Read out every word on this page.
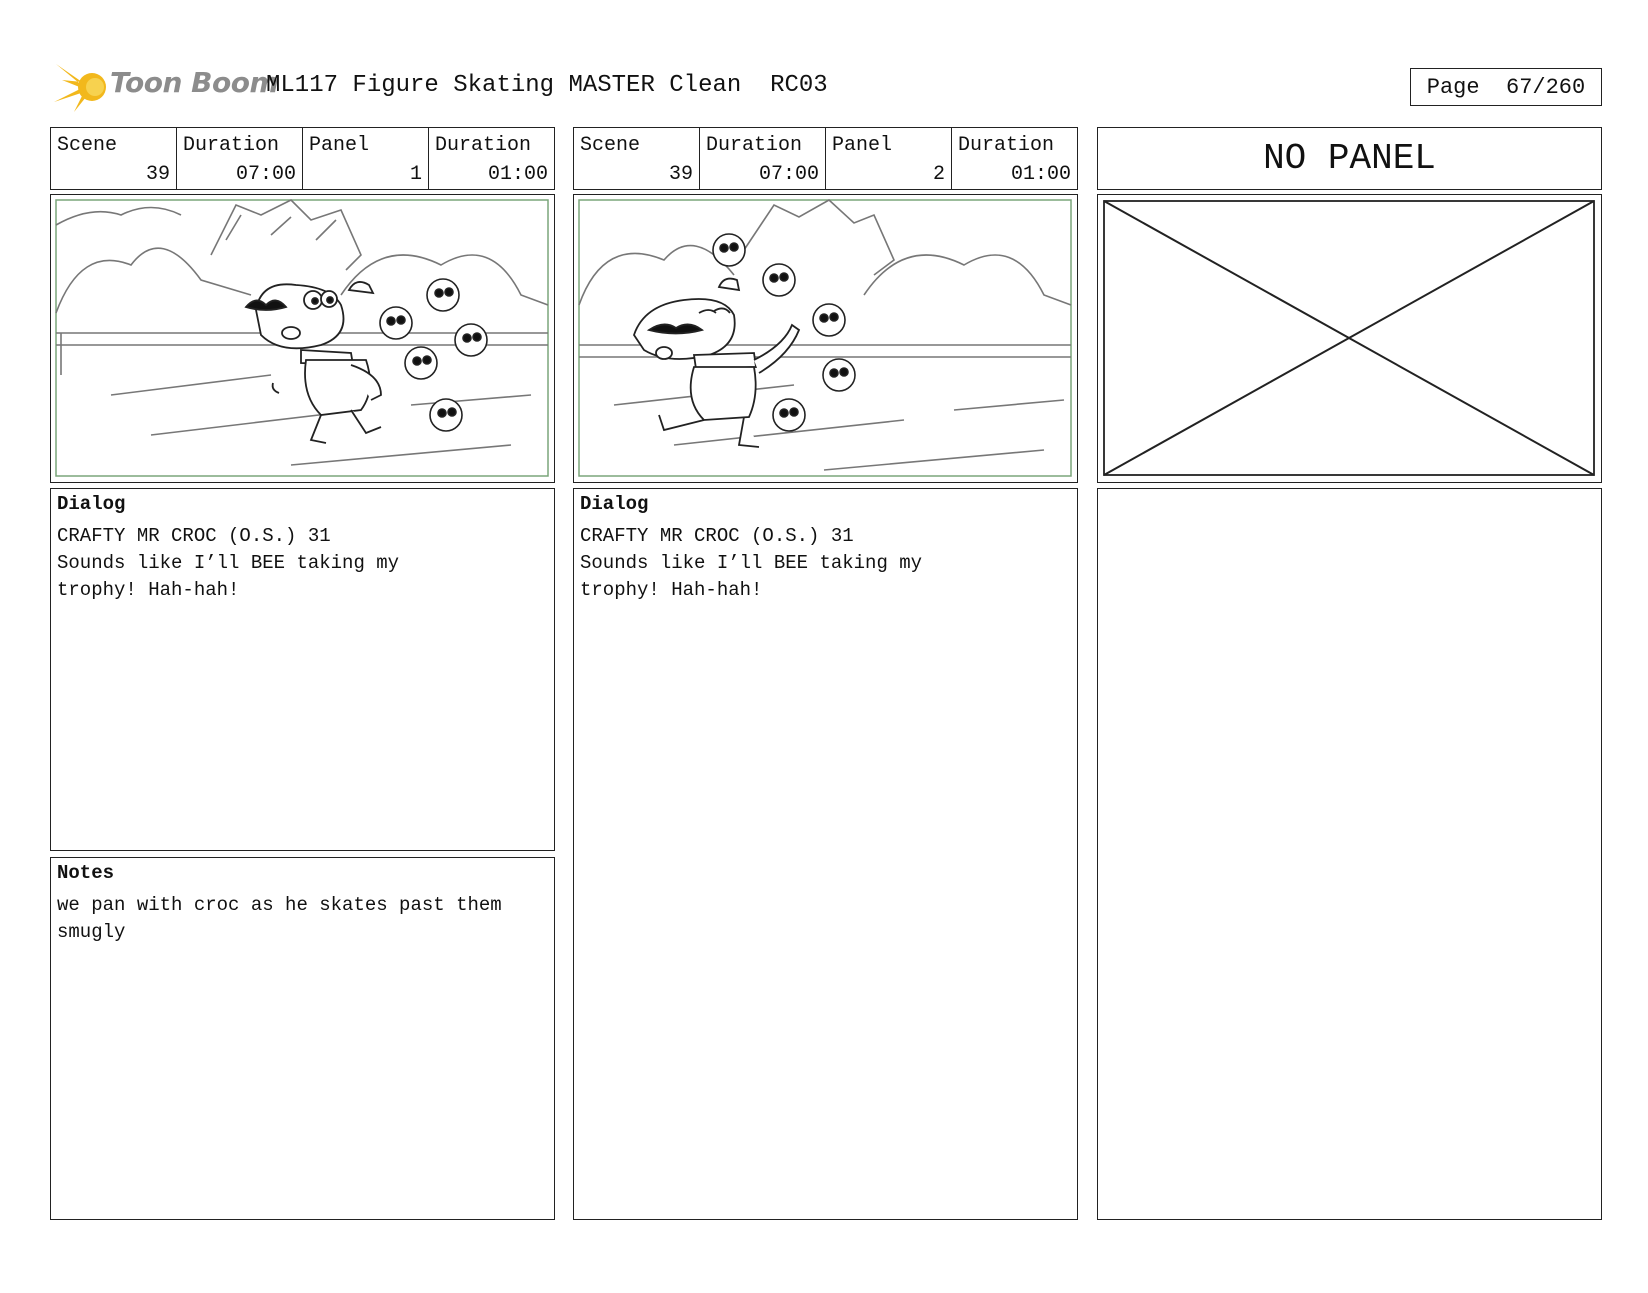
Toon Boom
ML117 Figure Skating MASTER Clean  RC03	Page  67/260
Scene
39
Duration
07:00
Panel
1
Duration
01:00
Scene
39
Duration
07:00
Panel
2
Duration
01:00	NO PANEL
Dialog
CRAFTY MR CROC (O.S.) 31
Sounds like I’ll BEE taking my
trophy! Hah-hah!
Notes
we pan with croc as he skates past them
smugly
Dialog
CRAFTY MR CROC (O.S.) 31
Sounds like I’ll BEE taking my
trophy! Hah-hah!
